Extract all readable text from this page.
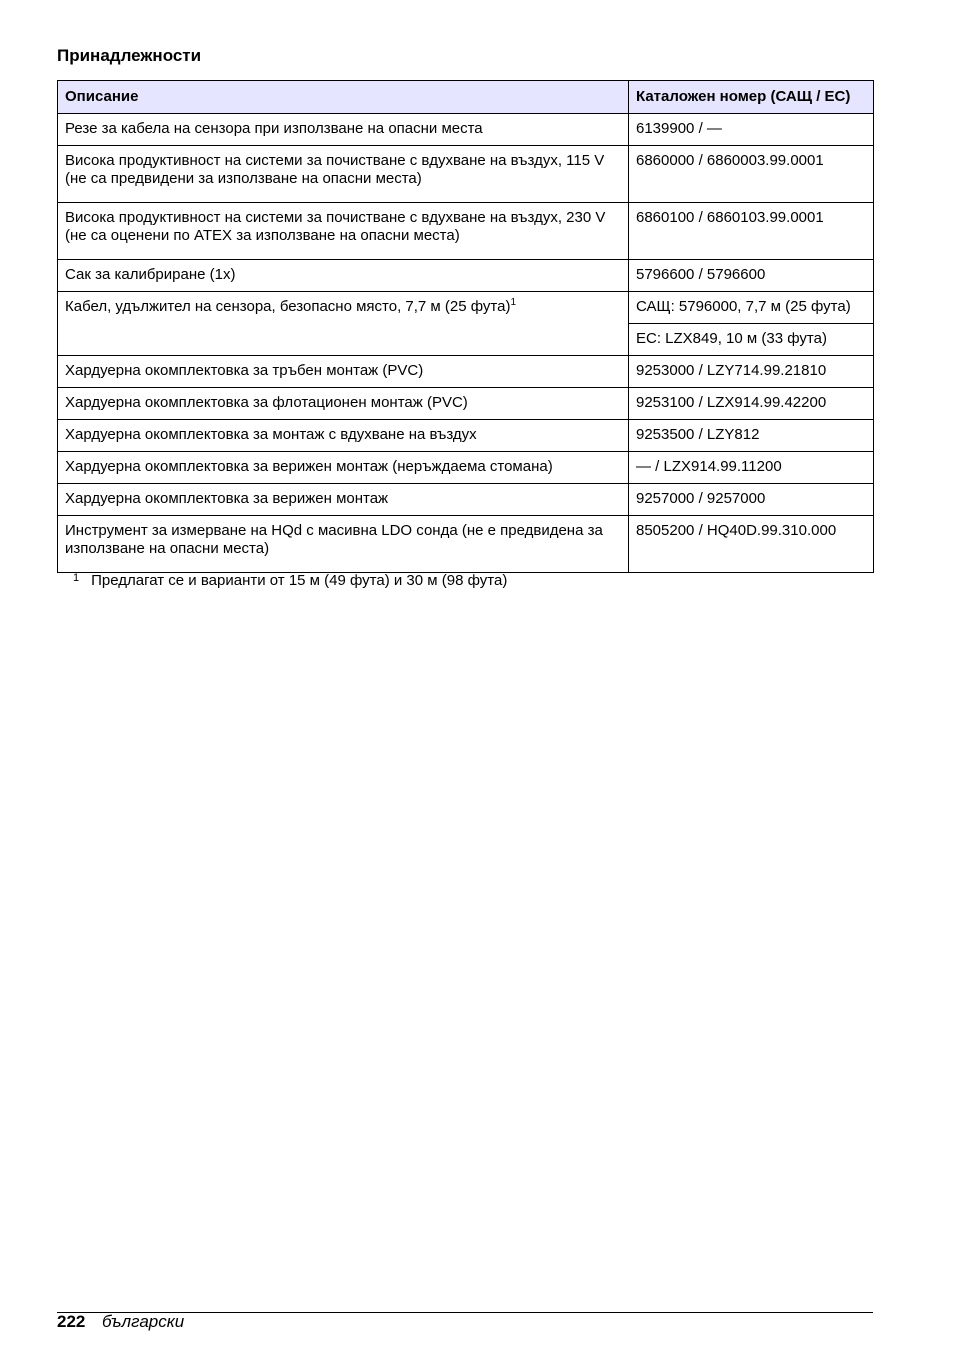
Принадлежности
Описание	Каталожен номер (САЩ / ЕС)
Резе за кабела на сензора при използване на опасни места	6139900 / —
Висока продуктивност на системи за почистване с вдухване на въздух, 115 V (не са предвидени за използване на опасни места)	6860000 / 6860003.99.0001
Висока продуктивност на системи за почистване с вдухване на въздух, 230 V (не са оценени по ATEX за използване на опасни места)	6860100 / 6860103.99.0001
Сак за калибриране (1x)	5796600 / 5796600
Кабел, удължител на сензора, безопасно място, 7,7 м (25 фута)$^1$	САЩ: 5796000, 7,7 м (25 фута)
	ЕС: LZX849, 10 м (33 фута)
Хардуерна окомплектовка за тръбен монтаж (PVC)	9253000 / LZY714.99.21810
Хардуерна окомплектовка за флотационен монтаж (PVC)	9253100 / LZX914.99.42200
Хардуерна окомплектовка за монтаж с вдухване на въздух	9253500 / LZY812
Хардуерна окомплектовка за верижен монтаж (неръждаема стомана)	— / LZX914.99.11200
Хардуерна окомплектовка за верижен монтаж	9257000 / 9257000
Инструмент за измерване на HQd с масивна LDO сонда (не е предвидена за използване на опасни места)	8505200 / HQ40D.99.310.000
$^1$ Предлагат се и варианти от 15 м (49 фута) и 30 м (98 фута)
222 български
